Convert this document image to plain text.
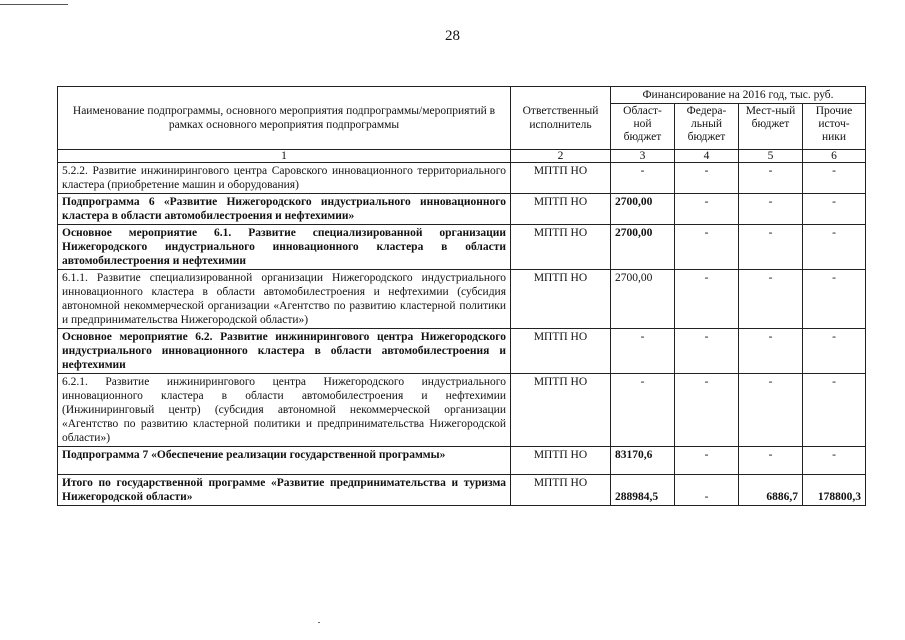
28
Наименование подпрограммы, основного мероприятия подпрограммы/мероприятий в рамках основного мероприятия подпрограммы	Ответственный исполнитель	Финансирование на 2016 год, тыс. руб.			
		Област-ной бюджет	Федера-льный бюджет	Мест-ный бюджет	Прочие источ-ники
1	2	3	4	5	6
5.2.2. Развитие инжинирингового центра Саровского инновационного территориального кластера (приобретение машин и оборудования)	МПТП НО	-	-	-	-
Подпрограмма 6 «Развитие Нижегородского индустриального инновационного кластера в области автомобилестроения и нефтехимии»	МПТП НО	2700,00	-	-	-
Основное мероприятие 6.1. Развитие специализированной организации Нижегородского индустриального инновационного кластера в области автомобилестроения и нефтехимии	МПТП НО	2700,00	-	-	-
6.1.1. Развитие специализированной организации Нижегородского индустриального инновационного кластера в области автомобилестроения и нефтехимии (субсидия автономной некоммерческой организации «Агентство по развитию кластерной политики и предпринимательства Нижегородской области»)	МПТП НО	2700,00	-	-	-
Основное мероприятие 6.2. Развитие инжинирингового центра Нижегородского индустриального инновационного кластера в области автомобилестроения и нефтехимии	МПТП НО	-	-	-	-
6.2.1. Развитие инжинирингового центра Нижегородского индустриального инновационного кластера в области автомобилестроения и нефтехимии (Инжиниринговый центр) (субсидия автономной некоммерческой организации «Агентство по развитию кластерной политики и предпринимательства Нижегородской области»)	МПТП НО	-	-	-	-
Подпрограмма 7 «Обеспечение реализации государственной программы»	МПТП НО	83170,6	-	-	-
Итого по государственной программе «Развитие предпринимательства и туризма Нижегородской области»	МПТП НО	288984,5	-	6886,7	178800,3
